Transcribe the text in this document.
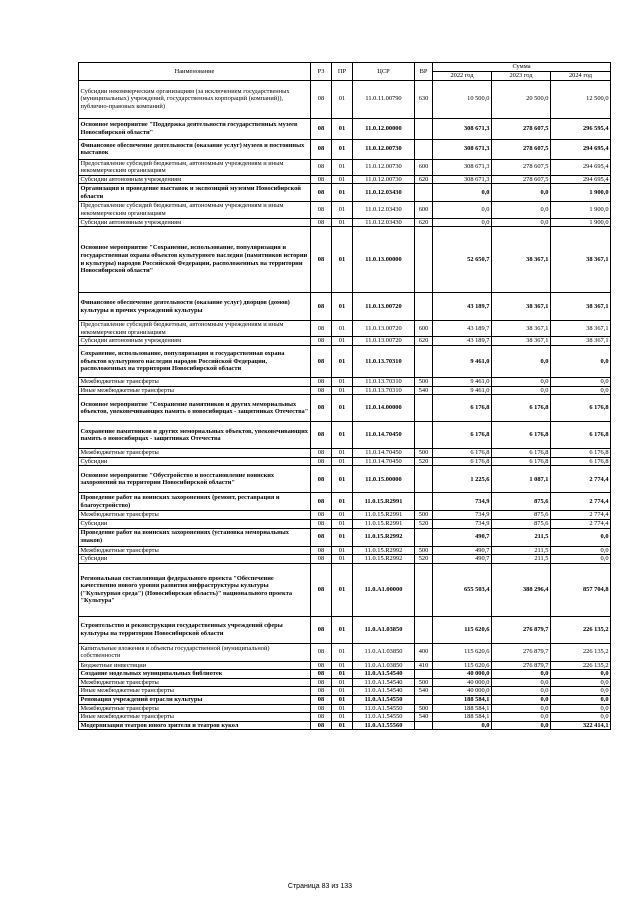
Наименование	РЗ	ПР	ЦСР	ВР	Сумма		
					2022 год	2023 год	2024 год
Субсидии некоммерческим организациям (за исключением государственных (муниципальных) учреждений, государственных корпораций (компаний)), публично-правовых компаний)	08	01	11.0.11.00790	630	10 500,0	20 500,0	12 500,0
Основное мероприятие "Поддержка деятельности государственных музеев Новосибирской области"	08	01	11.0.12.00000		308 671,3	278 607,5	296 595,4
Финансовое обеспечение деятельности (оказание услуг) музеев и постоянных выставок	08	01	11.0.12.00730		308 671,3	278 607,5	294 695,4
Предоставление субсидий бюджетным, автономным учреждениям и иным некоммерческим организациям	08	01	11.0.12.00730	600	308 671,3	278 607,5	294 695,4
Субсидии автономным учреждениям	08	01	11.0.12.00730	620	308 671,3	278 607,5	294 695,4
Организация и проведение выставок и экспозиций музеями Новосибирской области	08	01	11.0.12.03430		0,0	0,0	1 900,0
Предоставление субсидий бюджетным, автономным учреждениям и иным некоммерческим организациям	08	01	11.0.12.03430	600	0,0	0,0	1 900,0
Субсидии автономным учреждениям	08	01	11.0.12.03430	620	0,0	0,0	1 900,0
Основное мероприятие "Сохранение, использование, популяризация и государственная охрана объектов культурного наследия (памятников истории и культуры) народов Российской Федерации, расположенных на территории Новосибирской области"	08	01	11.0.13.00000		52 650,7	38 367,1	38 367,1
Финансовое обеспечение деятельности (оказание услуг) дворцов (домов) культуры и прочих учреждений культуры	08	01	11.0.13.00720		43 189,7	38 367,1	38 367,1
Предоставление субсидий бюджетным, автономным учреждениям и иным некоммерческим организациям	08	01	11.0.13.00720	600	43 189,7	38 367,1	38 367,1
Субсидии автономным учреждениям	08	01	11.0.13.00720	620	43 189,7	38 367,1	38 367,1
Сохранение, использование, популяризация и государственная охрана объектов культурного наследия народов Российской Федерации, расположенных на территории Новосибирской области	08	01	11.0.13.70310		9 461,0	0,0	0,0
Межбюджетные трансферты	08	01	11.0.13.70310	500	9 461,0	0,0	0,0
Иные межбюджетные трансферты	08	01	11.0.13.70310	540	9 461,0	0,0	0,0
Основное мероприятие "Сохранение памятников и других мемориальных объектов, увековечивающих память о новосибирцах - защитниках Отечества"	08	01	11.0.14.00000		6 176,8	6 176,8	6 176,8
Сохранение памятников и других мемориальных объектов, увековечивающих память о новосибирцах - защитниках Отечества	08	01	11.0.14.70450		6 176,8	6 176,8	6 176,8
Межбюджетные трансферты	08	01	11.0.14.70450	500	6 176,8	6 176,8	6 176,8
Субсидии	08	01	11.0.14.70450	520	6 176,8	6 176,8	6 176,8
Основное мероприятие "Обустройство и восстановление воинских захоронений на территории Новосибирской области"	08	01	11.0.15.00000		1 225,6	1 087,1	2 774,4
Проведение работ на воинских захоронениях (ремонт, реставрация и благоустройство)	08	01	11.0.15.R2991		734,9	875,6	2 774,4
Межбюджетные трансферты	08	01	11.0.15.R2991	500	734,9	875,6	2 774,4
Субсидии	08	01	11.0.15.R2991	520	734,9	875,6	2 774,4
Проведение работ на воинских захоронениях (установка мемориальных знаков)	08	01	11.0.15.R2992		490,7	211,5	0,0
Межбюджетные трансферты	08	01	11.0.15.R2992	500	490,7	211,5	0,0
Субсидии	08	01	11.0.15.R2992	520	490,7	211,5	0,0
Региональная составляющая федерального проекта "Обеспечение качественно нового уровня развития инфраструктуры культуры ("Культурная среда") (Новосибирская область)" национального проекта "Культура"	08	01	11.0.A1.00000		655 503,4	388 296,4	857 704,8
Строительство и реконструкция государственных учреждений сферы культуры на территории Новосибирской области	08	01	11.0.A1.03850		115 620,6	276 879,7	226 135,2
Капитальные вложения в объекты государственной (муниципальной) собственности	08	01	11.0.A1.03850	400	115 620,6	276 879,7	226 135,2
Бюджетные инвестиции	08	01	11.0.A1.03850	410	115 620,6	276 879,7	226 135,2
Создание модельных муниципальных библиотек	08	01	11.0.A1.54540		40 000,0	0,0	0,0
Межбюджетные трансферты	08	01	11.0.A1.54540	500	40 000,0	0,0	0,0
Иные межбюджетные трансферты	08	01	11.0.A1.54540	540	40 000,0	0,0	0,0
Реновация учреждений отрасли культуры	08	01	11.0.A1.54550		188 584,1	0,0	0,0
Межбюджетные трансферты	08	01	11.0.A1.54550	500	188 584,1	0,0	0,0
Иные межбюджетные трансферты	08	01	11.0.A1.54550	540	188 584,1	0,0	0,0
Модернизация театров юного зрителя и театров кукол	08	01	11.0.A1.55560		0,0	0,0	322 414,1
Страница 83 из 133
